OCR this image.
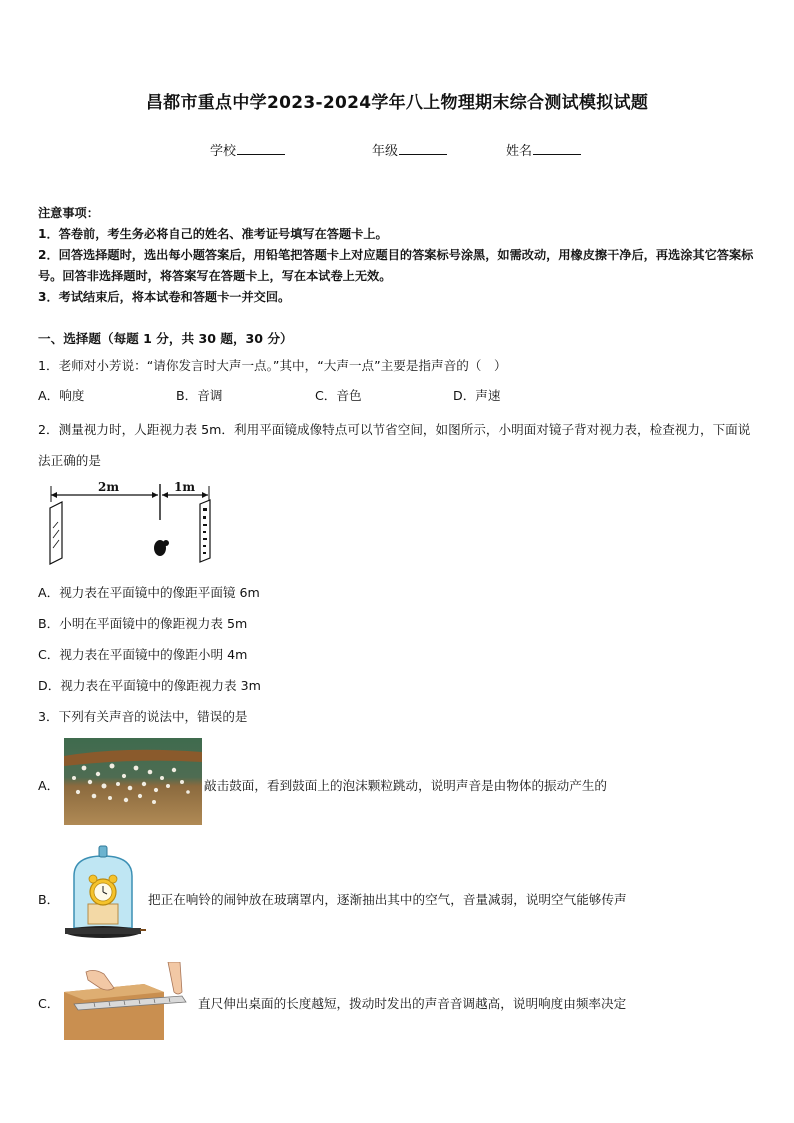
昌都市重点中学2023-2024学年八上物理期末综合测试模拟试题
学校	年级	姓名
注意事项：
1．答卷前，考生务必将自己的姓名、准考证号填写在答题卡上。
2．回答选择题时，选出每小题答案后，用铅笔把答题卡上对应题目的答案标号涂黑，如需改动，用橡皮擦干净后，再选涂其它答案标号。回答非选择题时，将答案写在答题卡上，写在本试卷上无效。
3．考试结束后，将本试卷和答题卡一并交回。
一、选择题（每题 1 分，共 30 题，30 分）
1．老师对小芳说：“请你发言时大声一点。”其中，“大声一点”主要是指声音的（　）
A．响度	B．音调	C．音色	D．声速
2．测量视力时，人距视力表 5m．利用平面镜成像特点可以节省空间，如图所示，小明面对镜子背对视力表，检查视力，下面说法正确的是
2m	1m
A．视力表在平面镜中的像距平面镜 6m
B．小明在平面镜中的像距视力表 5m
C．视力表在平面镜中的像距小明 4m
D．视力表在平面镜中的像距视力表 3m
3．下列有关声音的说法中，错误的是
A．	敲击鼓面，看到鼓面上的泡沫颗粒跳动，说明声音是由物体的振动产生的
B．	把正在响铃的闹钟放在玻璃罩内，逐渐抽出其中的空气，音量减弱，说明空气能够传声
C．	直尺伸出桌面的长度越短，拨动时发出的声音音调越高，说明响度由频率决定
